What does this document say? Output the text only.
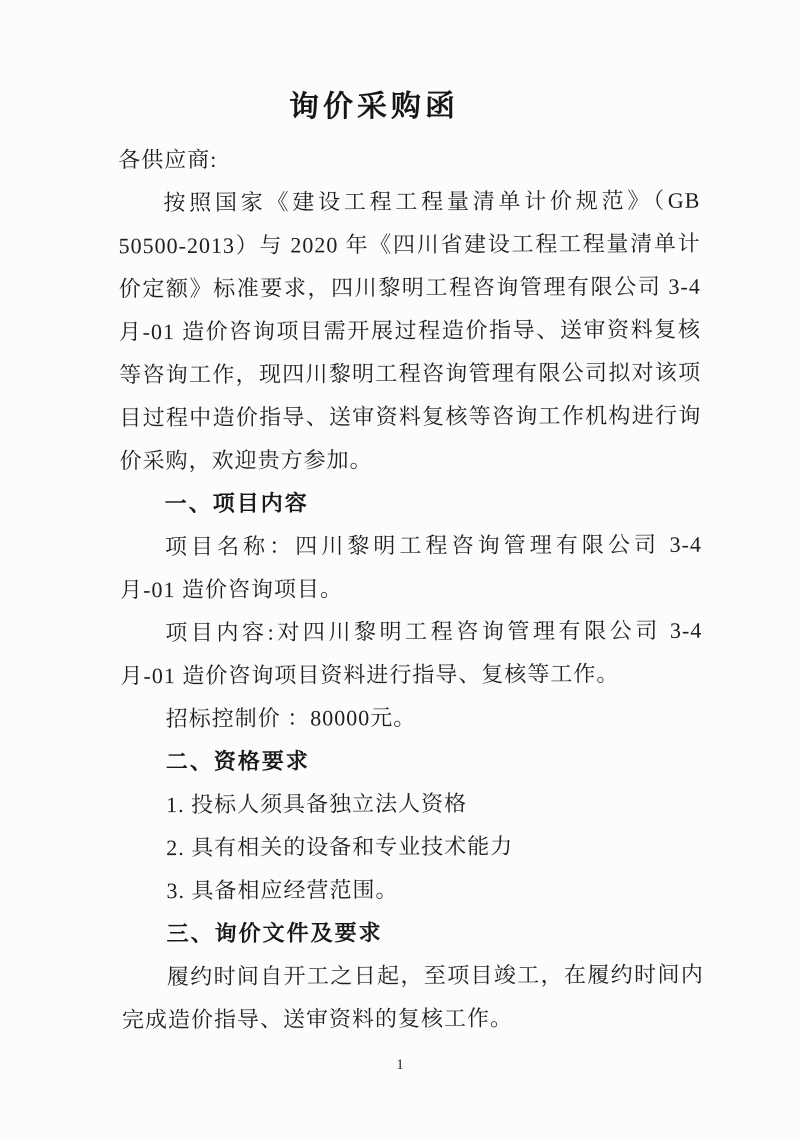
询价采购函

各供应商:

按照国家《建设工程工程量清单计价规范》（GB 50500-2013）与 2020 年《四川省建设工程工程量清单计价定额》标准要求，四川黎明工程咨询管理有限公司 3-4 月-01 造价咨询项目需开展过程造价指导、送审资料复核等咨询工作，现四川黎明工程咨询管理有限公司拟对该项目过程中造价指导、送审资料复核等咨询工作机构进行询价采购，欢迎贵方参加。

一、项目内容

项目名称：四川黎明工程咨询管理有限公司 3-4 月-01 造价咨询项目。

项目内容:对四川黎明工程咨询管理有限公司 3-4 月-01 造价咨询项目资料进行指导、复核等工作。

招标控制价 ：80000元。

二、资格要求

1. 投标人须具备独立法人资格

2. 具有相关的设备和专业技术能力

3. 具备相应经营范围。

三、询价文件及要求

履约时间自开工之日起，至项目竣工，在履约时间内完成造价指导、送审资料的复核工作。

1
